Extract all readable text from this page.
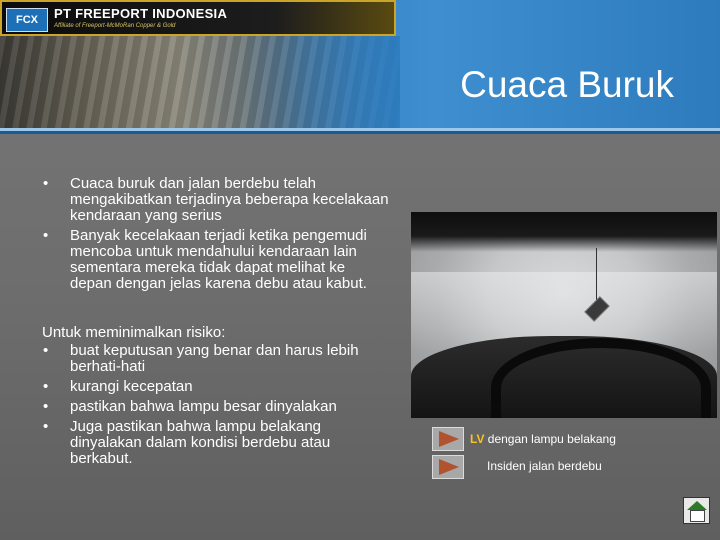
FCX	PT FREEPORT INDONESIA
Affiliate of Freeport-McMoRan Copper & Gold
Cuaca Buruk
• Cuaca buruk dan jalan berdebu telah mengakibatkan terjadinya beberapa kecelakaan kendaraan yang serius
• Banyak kecelakaan terjadi ketika pengemudi mencoba untuk mendahului kendaraan lain sementara mereka tidak dapat melihat ke depan dengan jelas karena debu atau kabut.
Untuk meminimalkan risiko:
• buat keputusan yang benar dan harus lebih berhati-hati
• kurangi kecepatan
• pastikan bahwa lampu besar dinyalakan
• Juga pastikan bahwa lampu belakang dinyalakan dalam kondisi berdebu atau berkabut.
LV dengan lampu belakang
Insiden jalan berdebu
